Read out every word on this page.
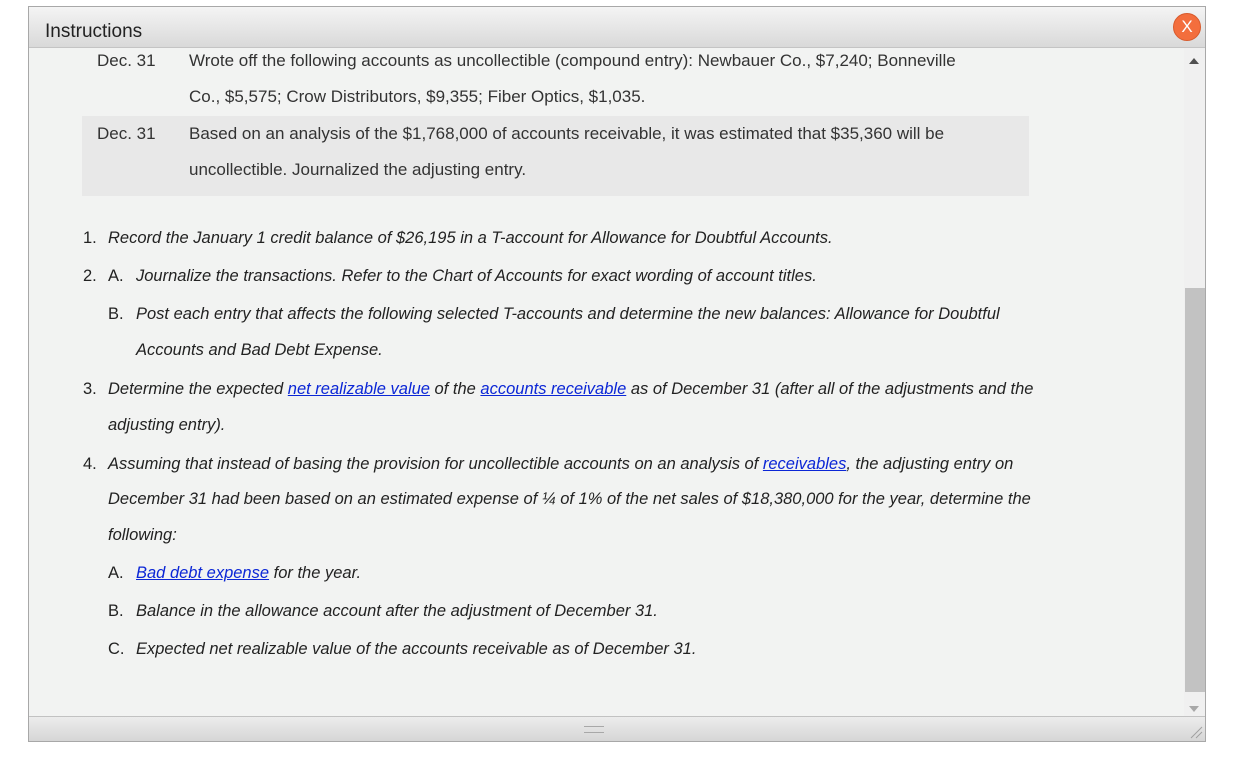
Instructions	X
Dec. 31 Wrote off the following accounts as uncollectible (compound entry): Newbauer Co., $7,240; Bonneville
Co., $5,575; Crow Distributors, $9,355; Fiber Optics, $1,035.
Dec. 31 Based on an analysis of the $1,768,000 of accounts receivable, it was estimated that $35,360 will be
uncollectible. Journalized the adjusting entry.
1. Record the January 1 credit balance of $26,195 in a T-account for Allowance for Doubtful Accounts.
2. A. Journalize the transactions. Refer to the Chart of Accounts for exact wording of account titles.
B. Post each entry that affects the following selected T-accounts and determine the new balances: Allowance for Doubtful
Accounts and Bad Debt Expense.
3. Determine the expected net realizable value of the accounts receivable as of December 31 (after all of the adjustments and the
adjusting entry).
4. Assuming that instead of basing the provision for uncollectible accounts on an analysis of receivables, the adjusting entry on
December 31 had been based on an estimated expense of ¼ of 1% of the net sales of $18,380,000 for the year, determine the
following:
A. Bad debt expense for the year.
B. Balance in the allowance account after the adjustment of December 31.
C. Expected net realizable value of the accounts receivable as of December 31.
